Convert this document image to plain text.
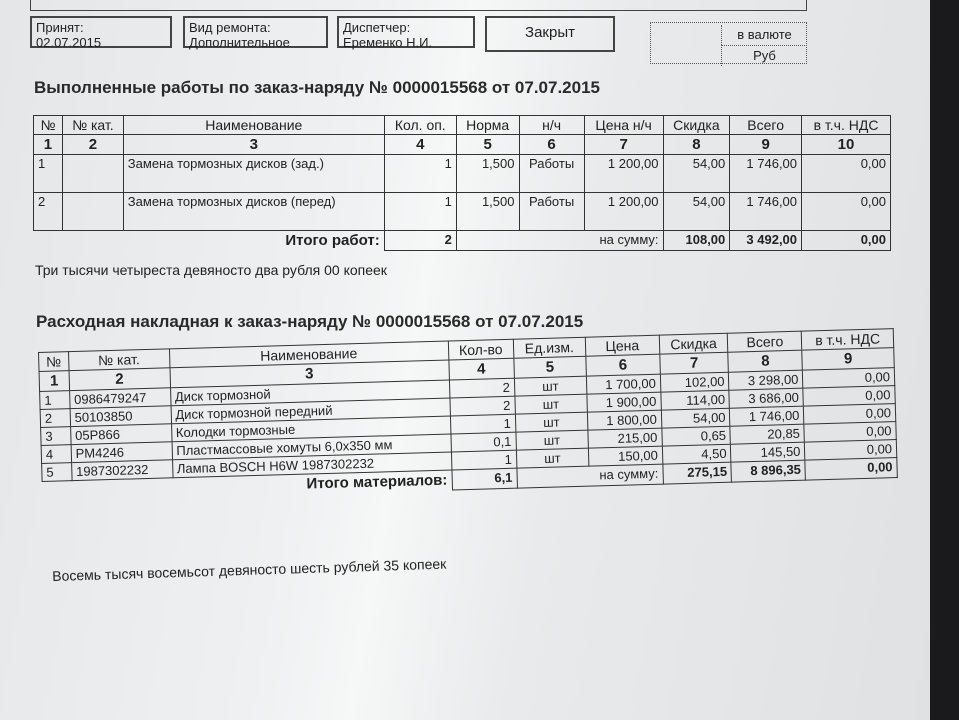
Принят:
02.07.2015
Вид ремонта:
Дополнительное
Диспетчер:
Еременко Н.И.
Закрыт	в валюте
Руб
Выполненные работы по заказ-наряду № 0000015568 от 07.07.2015
№	№ кат.	Наименование	Кол. оп.	Норма	н/ч	Цена н/ч	Скидка	Всего	в т.ч. НДС
1	2	3	4	5	6	7	8	9	10
1		Замена тормозных дисков (зад.)	1	1,500	Работы	1 200,00	54,00	1 746,00	0,00
2		Замена тормозных дисков (перед)	1	1,500	Работы	1 200,00	54,00	1 746,00	0,00
Итого работ:			2	на сумму:			108,00	3 492,00	0,00
Три тысячи четыреста девяносто два рубля 00 копеек
Расходная накладная к заказ-наряду № 0000015568 от 07.07.2015
№	№ кат.	Наименование	Кол-во	Ед.изм.	Цена	Скидка	Всего	в т.ч. НДС
1	2	3	4	5	6	7	8	9
1	0986479247	Диск тормозной	2	шт	1 700,00	102,00	3 298,00	0,00
2	50103850	Диск тормозной передний	2	шт	1 900,00	114,00	3 686,00	0,00
3	05P866	Колодки тормозные	1	шт	1 800,00	54,00	1 746,00	0,00
4	PM4246	Пластмассовые хомуты 6,0x350 мм	0,1	шт	215,00	0,65	20,85	0,00
5	1987302232	Лампа BOSCH H6W 1987302232	1	шт	150,00	4,50	145,50	0,00
Итого материалов:			6,1	на сумму:		275,15	8 896,35	0,00
Восемь тысяч восемьсот девяносто шесть рублей 35 копеек
